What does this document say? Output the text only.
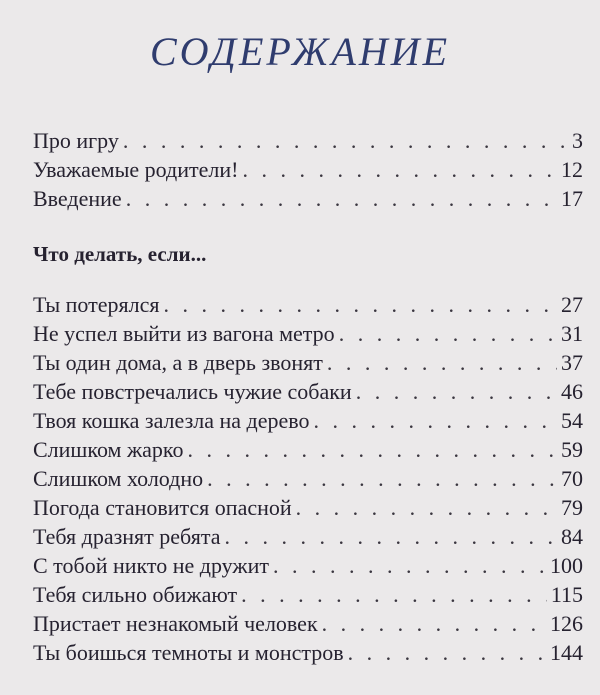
СОДЕРЖАНИЕ
Про игру . . .	3
Уважаемые родители! . . .	12
Введение . . .	17
Что делать, если...
Ты потерялся . . .	27
Не успел выйти из вагона метро . . .	31
Ты один дома, а в дверь звонят . . .	37
Тебе повстречались чужие собаки . . .	46
Твоя кошка залезла на дерево . . .	54
Слишком жарко . . .	59
Слишком холодно . . .	70
Погода становится опасной . . .	79
Тебя дразнят ребята . . .	84
С тобой никто не дружит . . .	100
Тебя сильно обижают . . .	115
Пристает незнакомый человек . . .	126
Ты боишься темноты и монстров . . .	144
